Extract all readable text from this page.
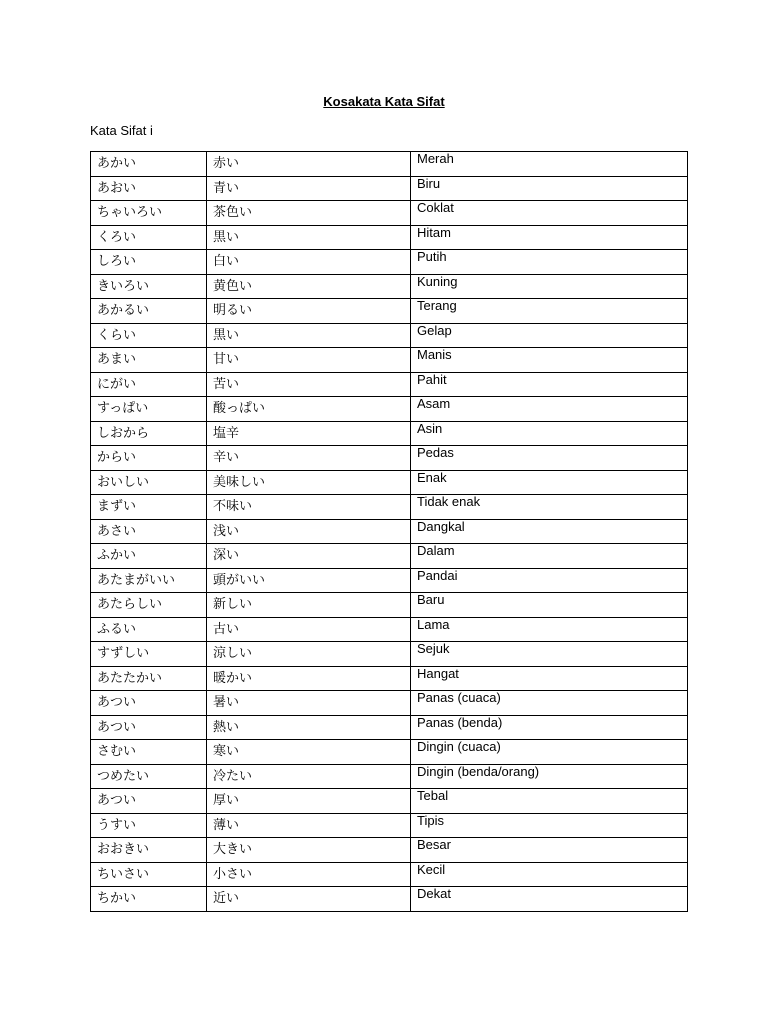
Kosakata Kata Sifat
Kata Sifat i
あかい	赤い	Merah
あおい	青い	Biru
ちゃいろい	茶色い	Coklat
くろい	黒い	Hitam
しろい	白い	Putih
きいろい	黄色い	Kuning
あかるい	明るい	Terang
くらい	黒い	Gelap
あまい	甘い	Manis
にがい	苦い	Pahit
すっぱい	酸っぱい	Asam
しおから	塩辛	Asin
からい	辛い	Pedas
おいしい	美味しい	Enak
まずい	不味い	Tidak enak
あさい	浅い	Dangkal
ふかい	深い	Dalam
あたまがいい	頭がいい	Pandai
あたらしい	新しい	Baru
ふるい	古い	Lama
すずしい	涼しい	Sejuk
あたたかい	暖かい	Hangat
あつい	暑い	Panas (cuaca)
あつい	熱い	Panas (benda)
さむい	寒い	Dingin (cuaca)
つめたい	冷たい	Dingin (benda/orang)
あつい	厚い	Tebal
うすい	薄い	Tipis
おおきい	大きい	Besar
ちいさい	小さい	Kecil
ちかい	近い	Dekat
